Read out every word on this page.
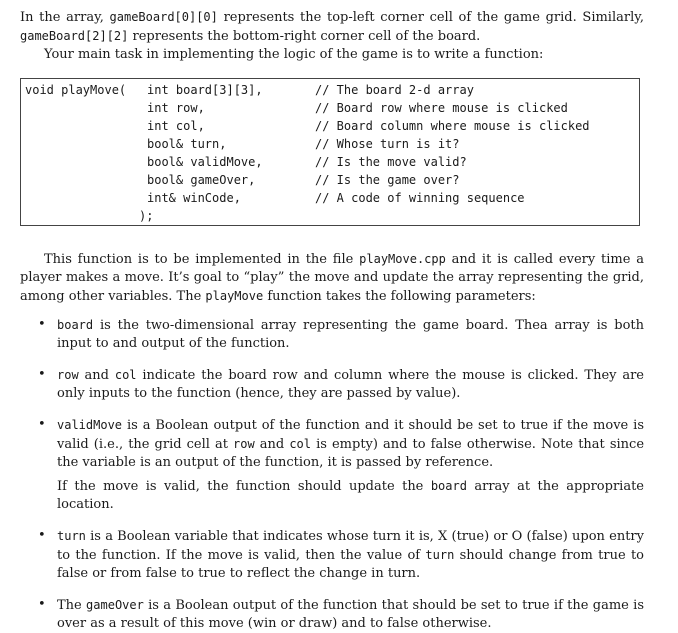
In the array, gameBoard[0][0] represents the top-left corner cell of the game grid. Similarly, gameBoard[2][2] represents the bottom-right corner cell of the board.

Your main task in implementing the logic of the game is to write a function:

void playMove( int board[3][3],
int row,
int col,
bool& turn,
bool& validMove,
bool& gameOver,
int& winCode,
);
// The board 2-d array
// Board row where mouse is clicked
// Board column where mouse is clicked
// Whose turn is it?
// Is the move valid?
// Is the game over?
// A code of winning sequence

This function is to be implemented in the file playMove.cpp and it is called every time a player makes a move. It’s goal to “play” the move and update the array representing the grid, among other variables. The playMove function takes the following parameters:

• board is the two-dimensional array representing the game board. Thea array is both input to and output of the function.
• row and col indicate the board row and column where the mouse is clicked. They are only inputs to the function (hence, they are passed by value).
• validMove is a Boolean output of the function and it should be set to true if the move is valid (i.e., the grid cell at row and col is empty) and to false otherwise. Note that since the variable is an output of the function, it is passed by reference.
If the move is valid, the function should update the board array at the appropriate location.
• turn is a Boolean variable that indicates whose turn it is, X (true) or O (false) upon entry to the function. If the move is valid, then the value of turn should change from true to false or from false to true to reflect the change in turn.
• The gameOver is a Boolean output of the function that should be set to true if the game is over as a result of this move (win or draw) and to false otherwise.
